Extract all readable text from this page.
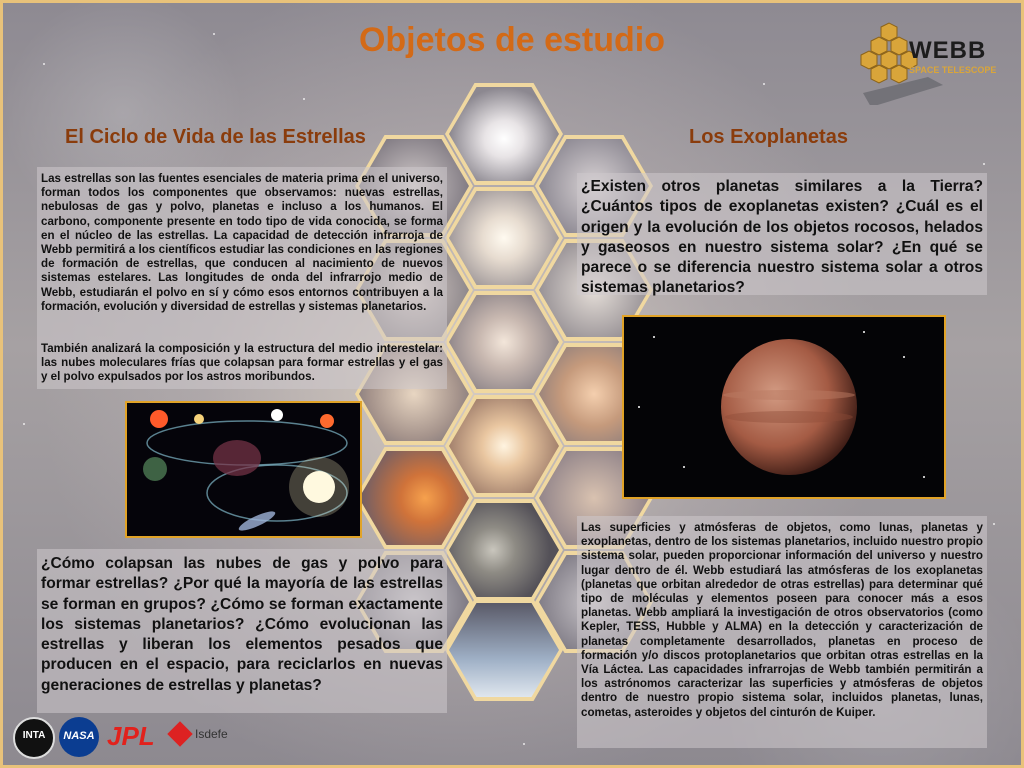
Objetos de estudio	WEBB
SPACE TELESCOPE
El Ciclo de Vida de las Estrellas
Las estrellas son las fuentes esenciales de materia prima en el universo, forman todos los componentes que observamos: nuevas estrellas, nebulosas de gas y polvo, planetas e incluso a los humanos. El carbono, componente presente en todo tipo de vida conocida, se forma en el núcleo de las estrellas. La capacidad de detección infrarroja de Webb permitirá a los científicos estudiar las condiciones en las regiones de formación de estrellas, que conducen al nacimiento de nuevos sistemas estelares. Las longitudes de onda del infrarrojo medio de Webb, estudiarán el polvo en sí y cómo esos entornos contribuyen a la formación, evolución y diversidad de estrellas y sistemas planetarios.
También analizará la composición y la estructura del medio interestelar: las nubes moleculares frías que colapsan para formar estrellas y el gas y el polvo expulsados por los astros moribundos.
¿Cómo colapsan las nubes de gas y polvo para formar estrellas? ¿Por qué la mayoría de las estrellas se forman en grupos? ¿Cómo se forman exactamente los sistemas planetarios? ¿Cómo evolucionan las estrellas y liberan los elementos pesados que producen en el espacio, para reciclarlos en nuevas generaciones de estrellas y planetas?
Los Exoplanetas
¿Existen otros planetas similares a la Tierra? ¿Cuántos tipos de exoplanetas existen? ¿Cuál es el origen y la evolución de los objetos rocosos, helados y gaseosos en nuestro sistema solar? ¿En qué se parece o se diferencia nuestro sistema solar a otros sistemas planetarios?
Las superficies y atmósferas de objetos, como lunas, planetas y exoplanetas, dentro de los sistemas planetarios, incluido nuestro propio sistema solar, pueden proporcionar información del universo y nuestro lugar dentro de él. Webb estudiará las atmósferas de los exoplanetas (planetas que orbitan alrededor de otras estrellas) para determinar qué tipo de moléculas y elementos poseen para conocer más a esos planetas. Webb ampliará la investigación de otros observatorios (como Kepler, TESS, Hubble y ALMA) en la detección y caracterización de planetas completamente desarrollados, planetas en proceso de formación y/o discos protoplanetarios que orbitan otras estrellas en la Vía Láctea. Las capacidades infrarrojas de Webb también permitirán a los astrónomos caracterizar las superficies y atmósferas de objetos dentro de nuestro propio sistema solar, incluidos planetas, lunas, cometas, asteroides y objetos del cinturón de Kuiper.
INTA	NASA JPL	Isdefe
